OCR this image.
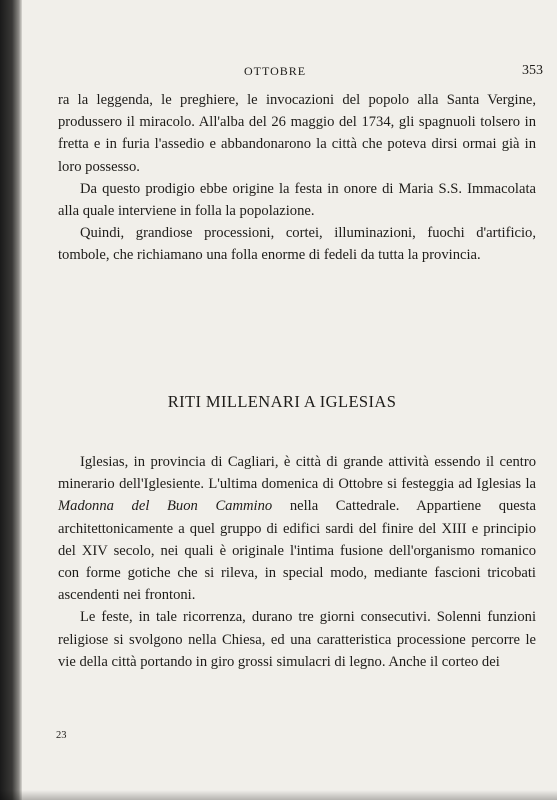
OTTOBRE	353

ra la leggenda, le preghiere, le invocazioni del popolo alla Santa Vergine, produssero il miracolo. All'alba del 26 maggio del 1734, gli spagnuoli tolsero in fretta e in furia l'assedio e abbandonarono la città che poteva dirsi ormai già in loro possesso.

Da questo prodigio ebbe origine la festa in onore di Maria S.S. Immacolata alla quale interviene in folla la popolazione.

Quindi, grandiose processioni, cortei, illuminazioni, fuochi d'artificio, tombole, che richiamano una folla enorme di fedeli da tutta la provincia.

RITI MILLENARI A IGLESIAS

Iglesias, in provincia di Cagliari, è città di grande attività essendo il centro minerario dell'Iglesiente. L'ultima domenica di Ottobre si festeggia ad Iglesias la Madonna del Buon Cammino nella Cattedrale. Appartiene questa architettonicamente a quel gruppo di edifici sardi del finire del XIII e principio del XIV secolo, nei quali è originale l'intima fusione dell'organismo romanico con forme gotiche che si rileva, in special modo, mediante fascioni tricobati ascendenti nei frontoni.

Le feste, in tale ricorrenza, durano tre giorni consecutivi. Solenni funzioni religiose si svolgono nella Chiesa, ed una caratteristica processione percorre le vie della città portando in giro grossi simulacri di legno. Anche il corteo dei

23
